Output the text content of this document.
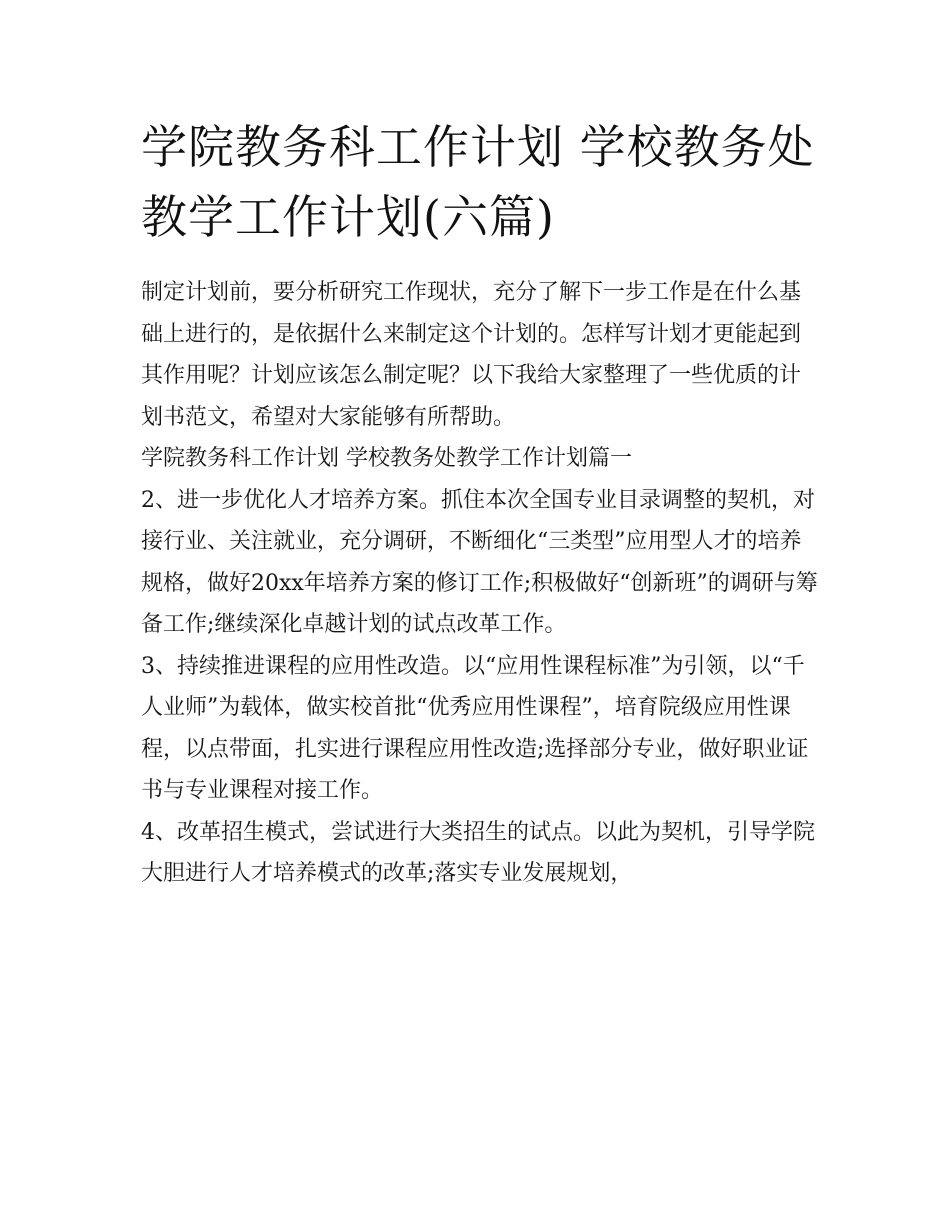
学院教务科工作计划 学校教务处教学工作计划(六篇)

制定计划前，要分析研究工作现状，充分了解下一步工作是在什么基础上进行的，是依据什么来制定这个计划的。怎样写计划才更能起到其作用呢？计划应该怎么制定呢？以下我给大家整理了一些优质的计划书范文，希望对大家能够有所帮助。

学院教务科工作计划 学校教务处教学工作计划篇一

2、进一步优化人才培养方案。抓住本次全国专业目录调整的契机，对接行业、关注就业，充分调研，不断细化“三类型”应用型人才的培养规格，做好20xx年培养方案的修订工作;积极做好“创新班”的调研与筹备工作;继续深化卓越计划的试点改革工作。

3、持续推进课程的应用性改造。以“应用性课程标准”为引领，以“千人业师”为载体，做实校首批“优秀应用性课程”，培育院级应用性课程，以点带面，扎实进行课程应用性改造;选择部分专业，做好职业证书与专业课程对接工作。

4、改革招生模式，尝试进行大类招生的试点。以此为契机，引导学院大胆进行人才培养模式的改革;落实专业发展规划，
